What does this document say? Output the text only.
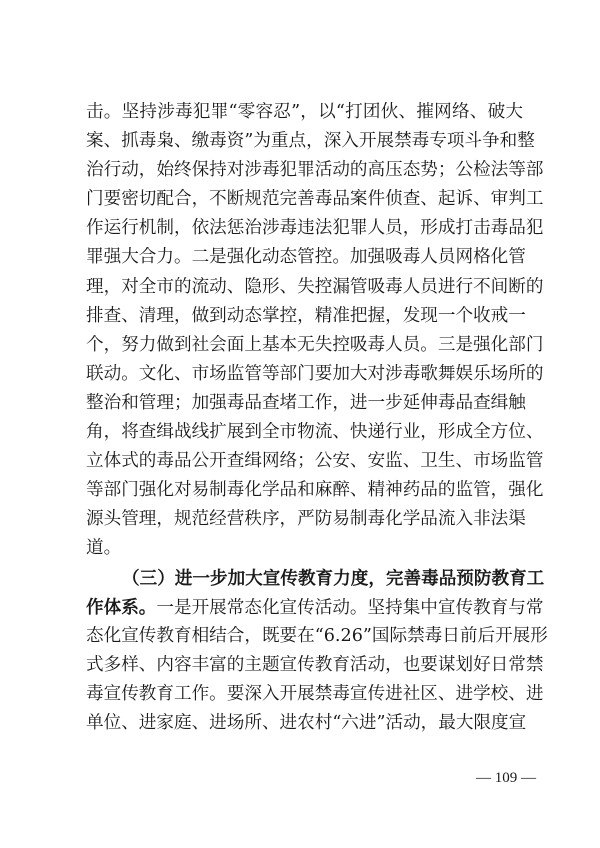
击。坚持涉毒犯罪“零容忍”，以“打团伙、摧网络、破大
案、抓毒枭、缴毒资”为重点，深入开展禁毒专项斗争和整
治行动，始终保持对涉毒犯罪活动的高压态势；公检法等部
门要密切配合，不断规范完善毒品案件侦查、起诉、审判工
作运行机制，依法惩治涉毒违法犯罪人员，形成打击毒品犯
罪强大合力。二是强化动态管控。加强吸毒人员网格化管
理，对全市的流动、隐形、失控漏管吸毒人员进行不间断的
排查、清理，做到动态掌控，精准把握，发现一个收戒一
个，努力做到社会面上基本无失控吸毒人员。三是强化部门
联动。文化、市场监管等部门要加大对涉毒歌舞娱乐场所的
整治和管理；加强毒品查堵工作，进一步延伸毒品查缉触
角，将查缉战线扩展到全市物流、快递行业，形成全方位、
立体式的毒品公开查缉网络；公安、安监、卫生、市场监管
等部门强化对易制毒化学品和麻醉、精神药品的监管，强化
源头管理，规范经营秩序，严防易制毒化学品流入非法渠
道。
（三）进一步加大宣传教育力度，完善毒品预防教育工
作体系。一是开展常态化宣传活动。坚持集中宣传教育与常
态化宣传教育相结合，既要在“6.26”国际禁毒日前后开展形
式多样、内容丰富的主题宣传教育活动，也要谋划好日常禁
毒宣传教育工作。要深入开展禁毒宣传进社区、进学校、进
单位、进家庭、进场所、进农村“六进”活动，最大限度宣
— 109 —
